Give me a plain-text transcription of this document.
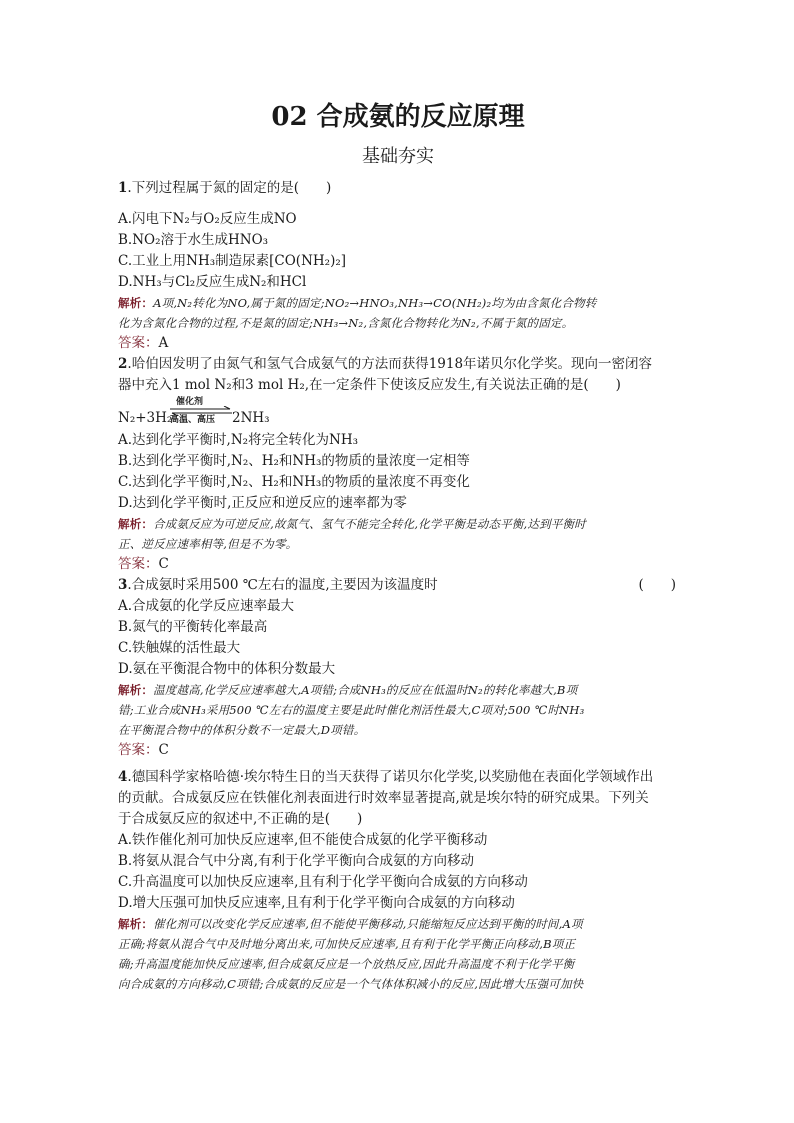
02 合成氨的反应原理
基础夯实
1.下列过程属于氮的固定的是(　　)
A.闪电下N₂与O₂反应生成NO
B.NO₂溶于水生成HNO₃
C.工业上用NH₃制造尿素[CO(NH₂)₂]
D.NH₃与Cl₂反应生成N₂和HCl
解析：A项,N₂转化为NO,属于氮的固定;NO₂→HNO₃,NH₃→CO(NH₂)₂均为由含氮化合物转
化为含氮化合物的过程,不是氮的固定;NH₃→N₂,含氮化合物转化为N₂,不属于氮的固定。
答案：A
2.哈伯因发明了由氮气和氢气合成氨气的方法而获得1918年诺贝尔化学奖。现向一密闭容
器中充入1 mol N₂和3 mol H₂,在一定条件下使该反应发生,有关说法正确的是(　　)
催化剂
N₂+3H₂
高温、高压 2NH₃
A.达到化学平衡时,N₂将完全转化为NH₃
B.达到化学平衡时,N₂、H₂和NH₃的物质的量浓度一定相等
C.达到化学平衡时,N₂、H₂和NH₃的物质的量浓度不再变化
D.达到化学平衡时,正反应和逆反应的速率都为零
解析：合成氨反应为可逆反应,故氮气、氢气不能完全转化,化学平衡是动态平衡,达到平衡时
正、逆反应速率相等,但是不为零。
答案：C
(　　)
3.合成氨时采用500 ℃左右的温度,主要因为该温度时
A.合成氨的化学反应速率最大
B.氮气的平衡转化率最高
C.铁触媒的活性最大
D.氨在平衡混合物中的体积分数最大
解析：温度越高,化学反应速率越大,A项错;合成NH₃的反应在低温时N₂的转化率越大,B项
错;工业合成NH₃采用500 ℃左右的温度主要是此时催化剂活性最大,C项对;500 ℃时NH₃
在平衡混合物中的体积分数不一定最大,D项错。
答案：C
4.德国科学家格哈德·埃尔特生日的当天获得了诺贝尔化学奖,以奖励他在表面化学领域作出
的贡献。合成氨反应在铁催化剂表面进行时效率显著提高,就是埃尔特的研究成果。下列关
于合成氨反应的叙述中,不正确的是(　　)
A.铁作催化剂可加快反应速率,但不能使合成氨的化学平衡移动
B.将氨从混合气中分离,有利于化学平衡向合成氨的方向移动
C.升高温度可以加快反应速率,且有利于化学平衡向合成氨的方向移动
D.增大压强可加快反应速率,且有利于化学平衡向合成氨的方向移动
解析：催化剂可以改变化学反应速率,但不能使平衡移动,只能缩短反应达到平衡的时间,A项
正确;将氨从混合气中及时地分离出来,可加快反应速率,且有利于化学平衡正向移动,B项正
确;升高温度能加快反应速率,但合成氨反应是一个放热反应,因此升高温度不利于化学平衡
向合成氨的方向移动,C项错;合成氨的反应是一个气体体积减小的反应,因此增大压强可加快
